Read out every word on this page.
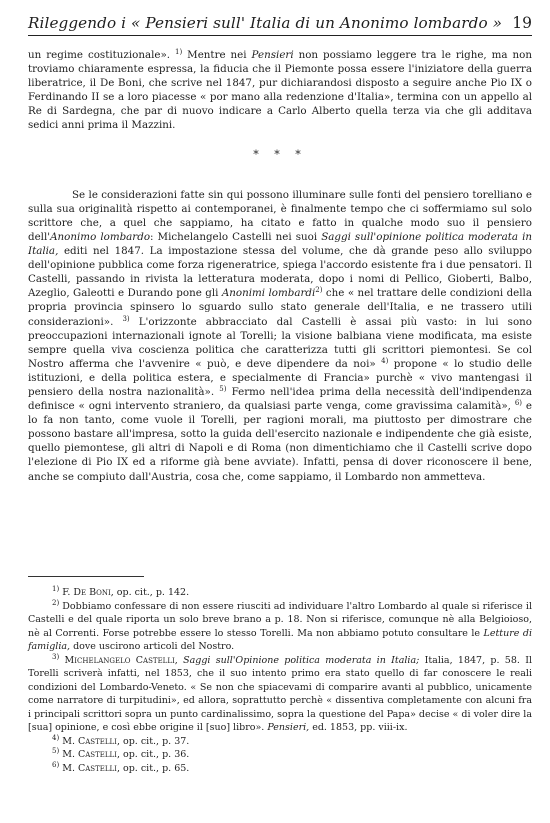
Rileggendo i « Pensieri sull' Italia di un Anonimo lombardo » 19

un regime costituzionale». $^{1)}$ Mentre nei Pensieri non possiamo leggere tra le righe, ma non troviamo chiaramente espressa, la fiducia che il Piemonte possa essere l'iniziatore della guerra liberatrice, il De Boni, che scrive nel 1847, pur dichiarandosi disposto a seguire anche Pio IX o Ferdinando II se a loro piacesse « por mano alla redenzione d'Italia», termina con un appello al Re di Sardegna, che par di nuovo indicare a Carlo Alberto quella terza via che gli additava sedici anni prima il Mazzini.

* * *

Se le considerazioni fatte sin qui possono illuminare sulle fonti del pensiero torelliano e sulla sua originalità rispetto ai contemporanei, è finalmente tempo che ci soffermiamo sul solo scrittore che, a quel che sappiamo, ha citato e fatto in qualche modo suo il pensiero dell'Anonimo lombardo: Michelangelo Castelli nei suoi Saggi sull'opinione politica moderata in Italia, editi nel 1847. La impostazione stessa del volume, che dà grande peso allo sviluppo dell'opinione pubblica come forza rigeneratrice, spiega l'accordo esistente fra i due pensatori. Il Castelli, passando in rivista la letteratura moderata, dopo i nomi di Pellico, Gioberti, Balbo, Azeglio, Galeotti e Durando pone gli Anonimi lombardi$^{2)}$ che « nel trattare delle condizioni della propria provincia spinsero lo sguardo sullo stato generale dell'Italia, e ne trassero utili considerazioni». $^{3)}$ L'orizzonte abbracciato dal Castelli è assai più vasto: in lui sono preoccupazioni internazionali ignote al Torelli; la visione balbiana viene modificata, ma esiste sempre quella viva coscienza politica che caratterizza tutti gli scrittori piemontesi. Se col Nostro afferma che l'avvenire « può, e deve dipendere da noi» $^{4)}$ propone « lo studio delle istituzioni, e della politica estera, e specialmente di Francia» purchè « vivo mantengasi il pensiero della nostra nazionalità». $^{5)}$ Fermo nell'idea prima della necessità dell'indipendenza definisce « ogni intervento straniero, da qualsiasi parte venga, come gravissima calamità», $^{6)}$ e lo fa non tanto, come vuole il Torelli, per ragioni morali, ma piuttosto per dimostrare che possono bastare all'impresa, sotto la guida dell'esercito nazionale e indipendente che già esiste, quello piemontese, gli altri di Napoli e di Roma (non dimentichiamo che il Castelli scrive dopo l'elezione di Pio IX ed a riforme già bene avviate). Infatti, pensa di dover riconoscere il bene, anche se compiuto dall'Austria, cosa che, come sappiamo, il Lombardo non ammetteva.

$^{1)}$ F. De Boni, op. cit., p. 142.

$^{2)}$ Dobbiamo confessare di non essere riusciti ad individuare l'altro Lombardo al quale si riferisce il Castelli e del quale riporta un solo breve brano a p. 18. Non si riferisce, comunque nè alla Belgioioso, nè al Correnti. Forse potrebbe essere lo stesso Torelli. Ma non abbiamo potuto consultare le Letture di famiglia, dove uscirono articoli del Nostro.

$^{3)}$ Michelangelo Castelli, Saggi sull'Opinione politica moderata in Italia; Italia, 1847, p. 58. Il Torelli scriverà infatti, nel 1853, che il suo intento primo era stato quello di far conoscere le reali condizioni del Lombardo-Veneto. « Se non che spiacevami di comparire avanti al pubblico, unicamente come narratore di turpitudini», ed allora, soprattutto perchè « dissentiva completamente con alcuni fra i principali scrittori sopra un punto cardinalissimo, sopra la questione del Papa» decise « di voler dire la [sua] opinione, e così ebbe origine il [suo] libro». Pensieri, ed. 1853, pp. viii-ix.

$^{4)}$ M. Castelli, op. cit., p. 37.

$^{5)}$ M. Castelli, op. cit., p. 36.

$^{6)}$ M. Castelli, op. cit., p. 65.
